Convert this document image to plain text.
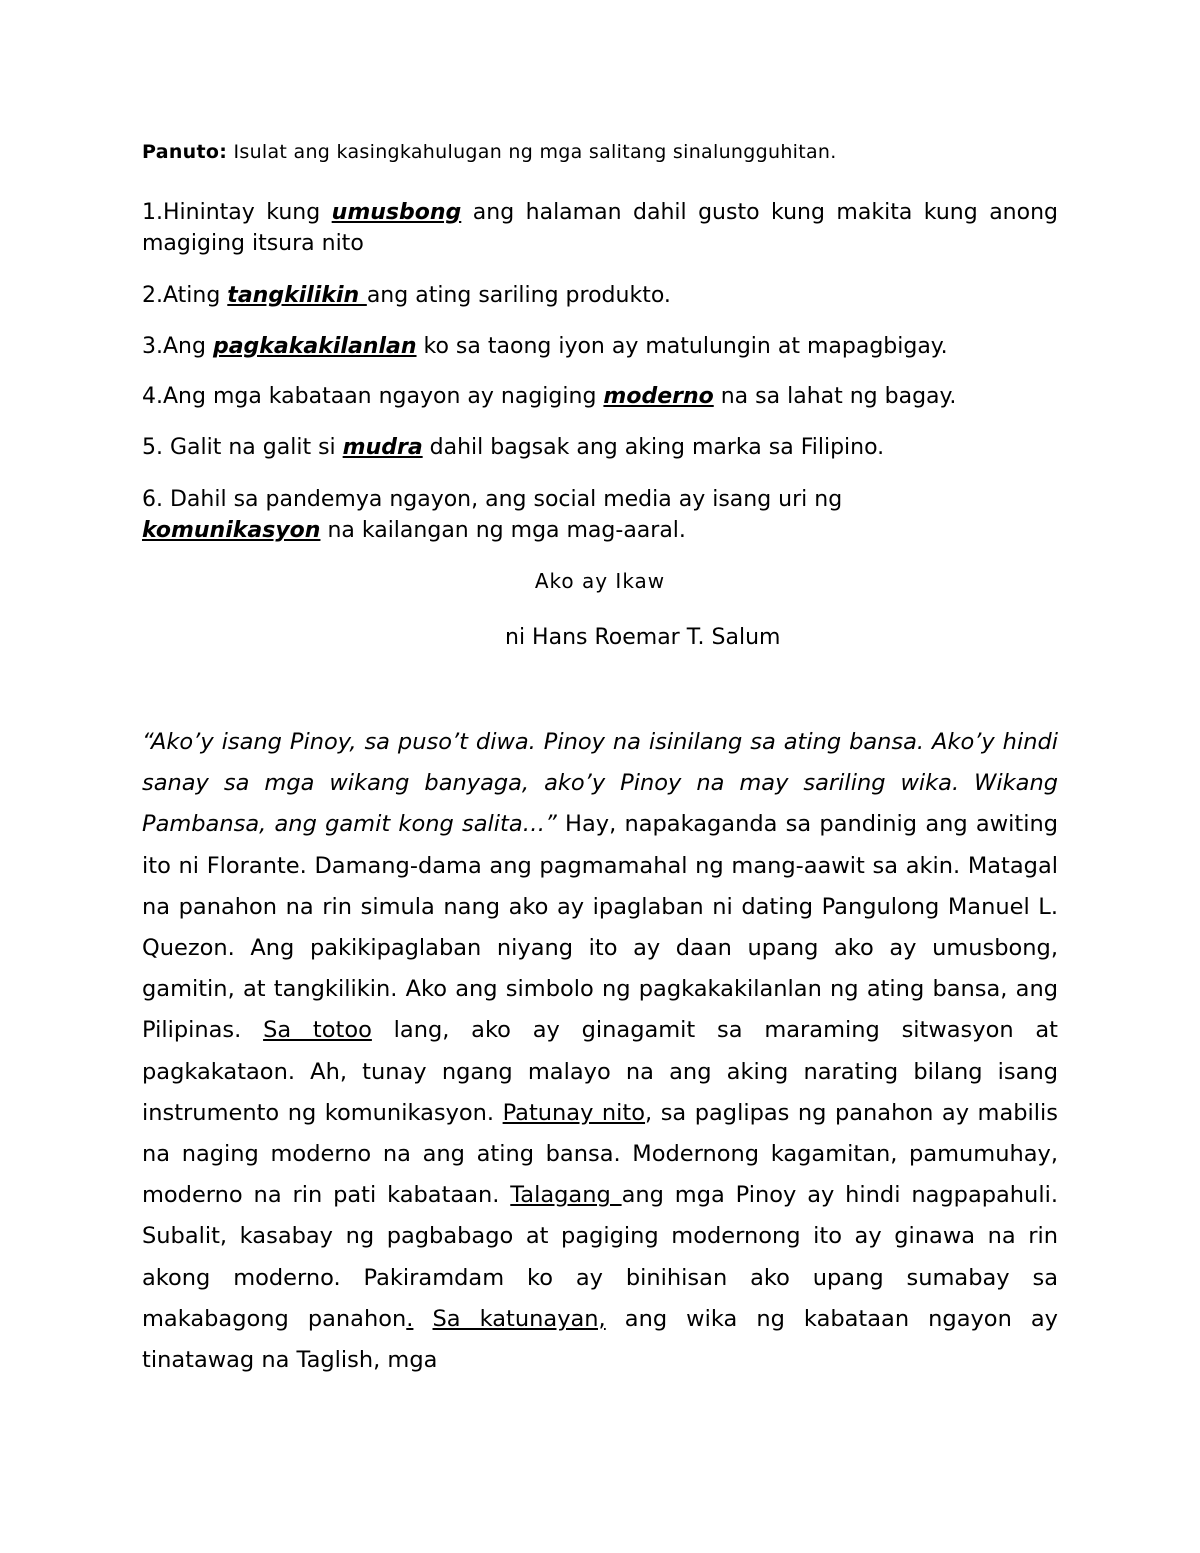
Panuto: Isulat ang kasingkahulugan ng mga salitang sinalungguhitan.
1.Hinintay kung umusbong ang halaman dahil gusto kung makita kung anong magiging itsura nito
2.Ating tangkilikin ang ating sariling produkto.
3.Ang pagkakakilanlan ko sa taong iyon ay matulungin at mapagbigay.
4.Ang mga kabataan ngayon ay nagiging moderno na sa lahat ng bagay.
5. Galit na galit si mudra dahil bagsak ang aking marka sa Filipino.
6. Dahil sa pandemya ngayon, ang social media ay isang uri ng
komunikasyon na kailangan ng mga mag-aaral.
Ako ay Ikaw
ni Hans Roemar T. Salum
“Ako’y isang Pinoy, sa puso’t diwa. Pinoy na isinilang sa ating bansa. Ako’y hindi sanay sa mga wikang banyaga, ako’y Pinoy na may sariling wika. Wikang Pambansa, ang gamit kong salita…” Hay, napakaganda sa pandinig ang awiting ito ni Florante. Damang-dama ang pagmamahal ng mang-aawit sa akin. Matagal na panahon na rin simula nang ako ay ipaglaban ni dating Pangulong Manuel L. Quezon. Ang pakikipaglaban niyang ito ay daan upang ako ay umusbong, gamitin, at tangkilikin. Ako ang simbolo ng pagkakakilanlan ng ating bansa, ang Pilipinas. Sa totoo lang, ako ay ginagamit sa maraming sitwasyon at pagkakataon. Ah, tunay ngang malayo na ang aking narating bilang isang instrumento ng komunikasyon. Patunay nito, sa paglipas ng panahon ay mabilis na naging moderno na ang ating bansa. Modernong kagamitan, pamumuhay, moderno na rin pati kabataan. Talagang ang mga Pinoy ay hindi nagpapahuli. Subalit, kasabay ng pagbabago at pagiging modernong ito ay ginawa na rin akong moderno. Pakiramdam ko ay binihisan ako upang sumabay sa makabagong panahon. Sa katunayan, ang wika ng kabataan ngayon ay tinatawag na Taglish, mga
